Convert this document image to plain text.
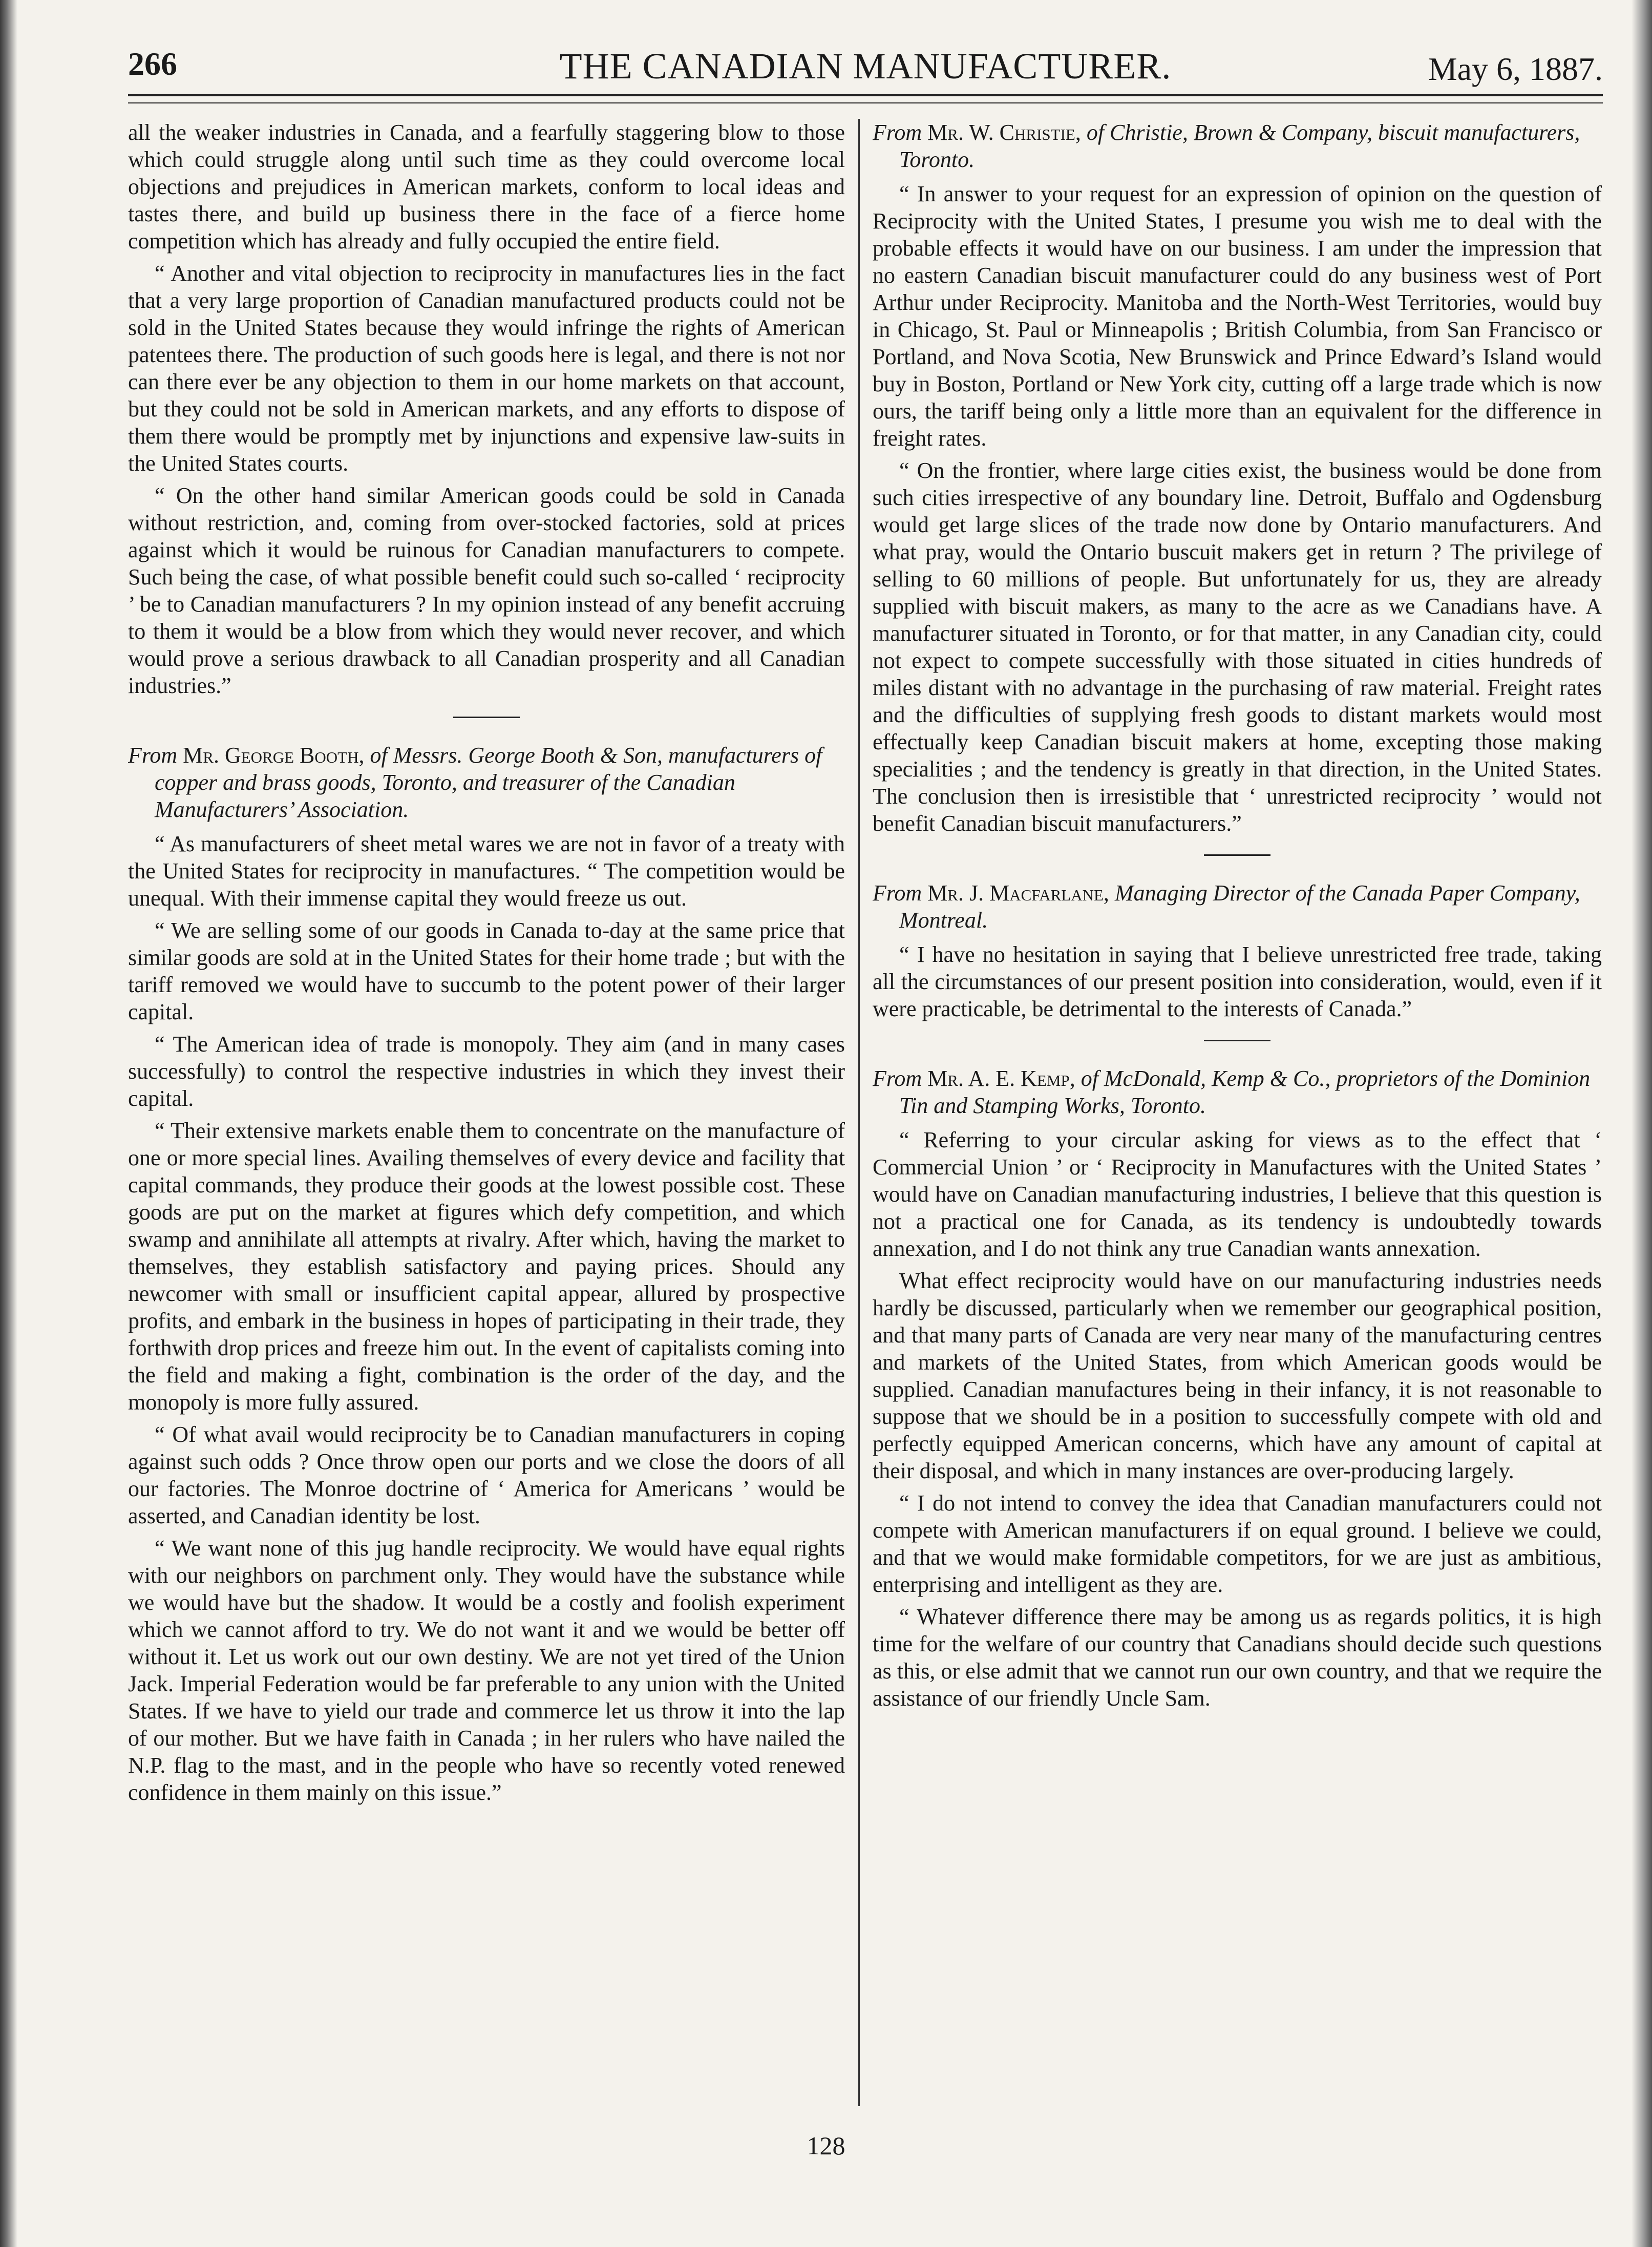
266	THE CANADIAN MANUFACTURER.	May 6, 1887.

all the weaker industries in Canada, and a fearfully staggering blow to those which could struggle along until such time as they could overcome local objections and prejudices in American markets, conform to local ideas and tastes there, and build up business there in the face of a fierce home competition which has already and fully occupied the entire field.

“ Another and vital objection to reciprocity in manufactures lies in the fact that a very large proportion of Canadian manufactured products could not be sold in the United States because they would infringe the rights of American patentees there. The production of such goods here is legal, and there is not nor can there ever be any objection to them in our home markets on that account, but they could not be sold in American markets, and any efforts to dispose of them there would be promptly met by injunctions and expensive law-suits in the United States courts.

“ On the other hand similar American goods could be sold in Canada without restriction, and, coming from over-stocked factories, sold at prices against which it would be ruinous for Canadian manufacturers to compete. Such being the case, of what possible benefit could such so-called ‘ reciprocity ’ be to Canadian manufacturers ? In my opinion instead of any benefit accruing to them it would be a blow from which they would never recover, and which would prove a serious drawback to all Canadian prosperity and all Canadian industries.”

From Mr. George Booth, of Messrs. George Booth & Son, manufacturers of copper and brass goods, Toronto, and treasurer of the Canadian Manufacturers’ Association.

“ As manufacturers of sheet metal wares we are not in favor of a treaty with the United States for reciprocity in manufactures. “ The competition would be unequal. With their immense capital they would freeze us out.

“ We are selling some of our goods in Canada to-day at the same price that similar goods are sold at in the United States for their home trade ; but with the tariff removed we would have to succumb to the potent power of their larger capital.

“ The American idea of trade is monopoly. They aim (and in many cases successfully) to control the respective industries in which they invest their capital.

“ Their extensive markets enable them to concentrate on the manufacture of one or more special lines. Availing themselves of every device and facility that capital commands, they produce their goods at the lowest possible cost. These goods are put on the market at figures which defy competition, and which swamp and annihilate all attempts at rivalry. After which, having the market to themselves, they establish satisfactory and paying prices. Should any newcomer with small or insufficient capital appear, allured by prospective profits, and embark in the business in hopes of participating in their trade, they forthwith drop prices and freeze him out. In the event of capitalists coming into the field and making a fight, combination is the order of the day, and the monopoly is more fully assured.

“ Of what avail would reciprocity be to Canadian manufacturers in coping against such odds ? Once throw open our ports and we close the doors of all our factories. The Monroe doctrine of ‘ America for Americans ’ would be asserted, and Canadian identity be lost.

“ We want none of this jug handle reciprocity. We would have equal rights with our neighbors on parchment only. They would have the substance while we would have but the shadow. It would be a costly and foolish experiment which we cannot afford to try. We do not want it and we would be better off without it. Let us work out our own destiny. We are not yet tired of the Union Jack. Imperial Federation would be far preferable to any union with the United States. If we have to yield our trade and commerce let us throw it into the lap of our mother. But we have faith in Canada ; in her rulers who have nailed the N.P. flag to the mast, and in the people who have so recently voted renewed confidence in them mainly on this issue.”

From Mr. W. Christie, of Christie, Brown & Company, biscuit manufacturers, Toronto.

“ In answer to your request for an expression of opinion on the question of Reciprocity with the United States, I presume you wish me to deal with the probable effects it would have on our business. I am under the impression that no eastern Canadian biscuit manufacturer could do any business west of Port Arthur under Reciprocity. Manitoba and the North-West Territories, would buy in Chicago, St. Paul or Minneapolis ; British Columbia, from San Francisco or Portland, and Nova Scotia, New Brunswick and Prince Edward’s Island would buy in Boston, Portland or New York city, cutting off a large trade which is now ours, the tariff being only a little more than an equivalent for the difference in freight rates.

“ On the frontier, where large cities exist, the business would be done from such cities irrespective of any boundary line. Detroit, Buffalo and Ogdensburg would get large slices of the trade now done by Ontario manufacturers. And what pray, would the Ontario buscuit makers get in return ? The privilege of selling to 60 millions of people. But unfortunately for us, they are already supplied with biscuit makers, as many to the acre as we Canadians have. A manufacturer situated in Toronto, or for that matter, in any Canadian city, could not expect to compete successfully with those situated in cities hundreds of miles distant with no advantage in the purchasing of raw material. Freight rates and the difficulties of supplying fresh goods to distant markets would most effectually keep Canadian biscuit makers at home, excepting those making specialities ; and the tendency is greatly in that direction, in the United States. The conclusion then is irresistible that ‘ unrestricted reciprocity ’ would not benefit Canadian biscuit manufacturers.”

From Mr. J. Macfarlane, Managing Director of the Canada Paper Company, Montreal.

“ I have no hesitation in saying that I believe unrestricted free trade, taking all the circumstances of our present position into consideration, would, even if it were practicable, be detrimental to the interests of Canada.”

From Mr. A. E. Kemp, of McDonald, Kemp & Co., proprietors of the Dominion Tin and Stamping Works, Toronto.

“ Referring to your circular asking for views as to the effect that ‘ Commercial Union ’ or ‘ Reciprocity in Manufactures with the United States ’ would have on Canadian manufacturing industries, I believe that this question is not a practical one for Canada, as its tendency is undoubtedly towards annexation, and I do not think any true Canadian wants annexation.

What effect reciprocity would have on our manufacturing industries needs hardly be discussed, particularly when we remember our geographical position, and that many parts of Canada are very near many of the manufacturing centres and markets of the United States, from which American goods would be supplied. Canadian manufactures being in their infancy, it is not reasonable to suppose that we should be in a position to successfully compete with old and perfectly equipped American concerns, which have any amount of capital at their disposal, and which in many instances are over-producing largely.

“ I do not intend to convey the idea that Canadian manufacturers could not compete with American manufacturers if on equal ground. I believe we could, and that we would make formidable competitors, for we are just as ambitious, enterprising and intelligent as they are.

“ Whatever difference there may be among us as regards politics, it is high time for the welfare of our country that Canadians should decide such questions as this, or else admit that we cannot run our own country, and that we require the assistance of our friendly Uncle Sam.

128
